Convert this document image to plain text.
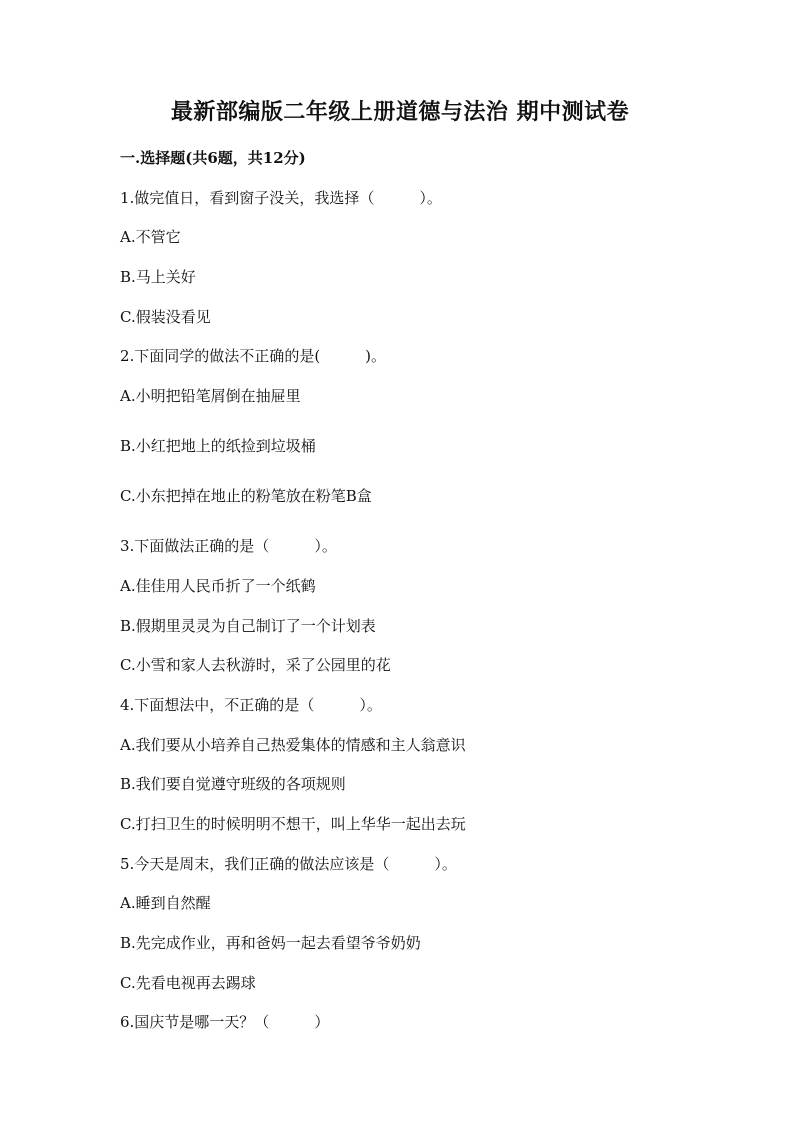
最新部编版二年级上册道德与法治 期中测试卷

一.选择题(共6题，共12分)

1.做完值日，看到窗子没关，我选择（　　　）。

A.不管它

B.马上关好

C.假装没看见

2.下面同学的做法不正确的是(　　　)。

A.小明把铅笔屑倒在抽屉里

B.小红把地上的纸捡到垃圾桶

C.小东把掉在地止的粉笔放在粉笔B盒

3.下面做法正确的是（　　　）。

A.佳佳用人民币折了一个纸鹤

B.假期里灵灵为自己制订了一个计划表

C.小雪和家人去秋游时，采了公园里的花

4.下面想法中，不正确的是（　　　）。

A.我们要从小培养自己热爱集体的情感和主人翁意识

B.我们要自觉遵守班级的各项规则

C.打扫卫生的时候明明不想干，叫上华华一起出去玩

5.今天是周末，我们正确的做法应该是（　　　）。

A.睡到自然醒

B.先完成作业，再和爸妈一起去看望爷爷奶奶

C.先看电视再去踢球

6.国庆节是哪一天？（　　　）
